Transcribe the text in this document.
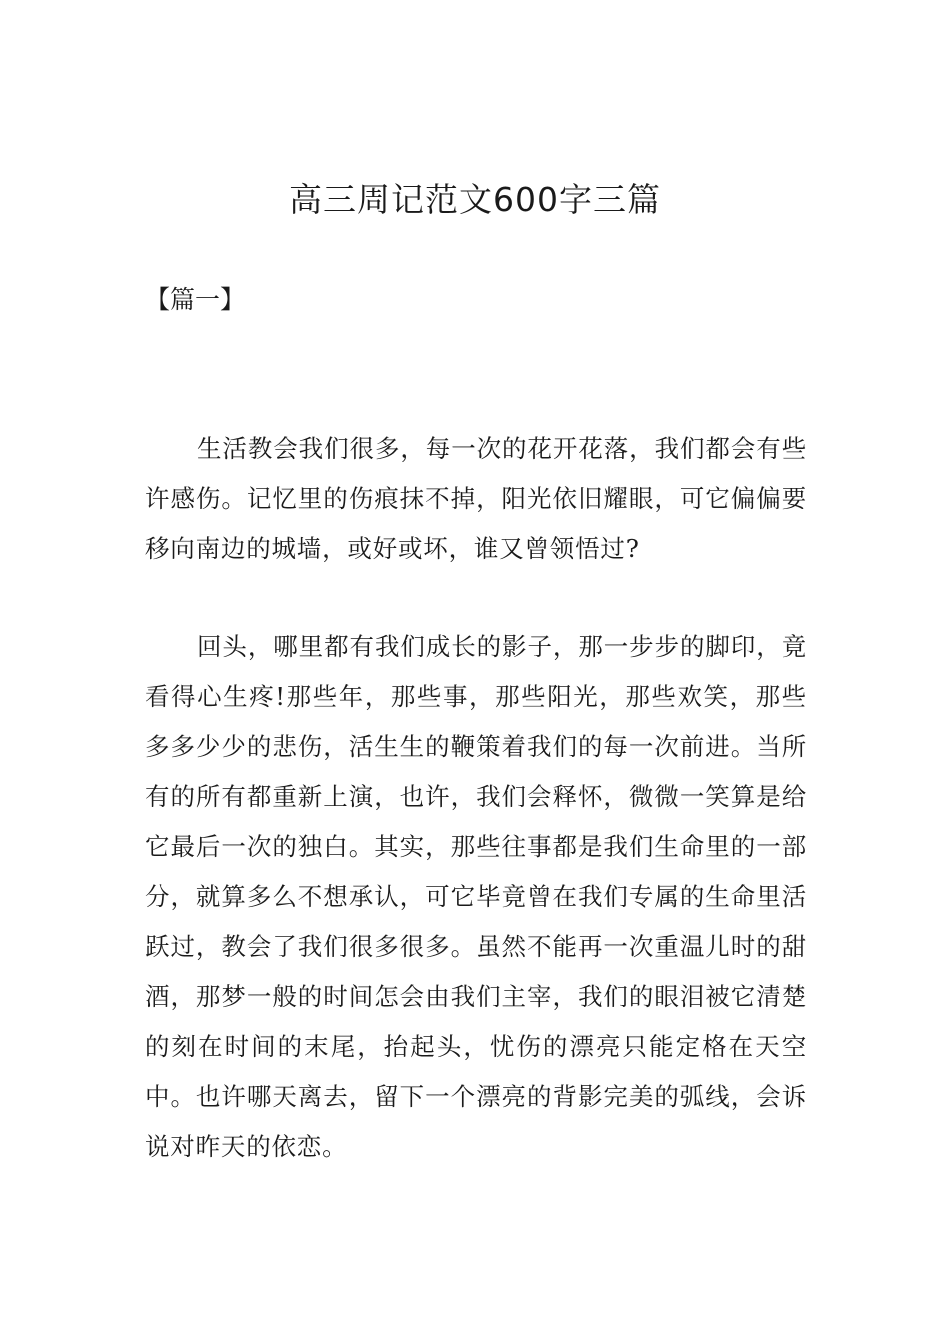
高三周记范文600字三篇

【篇一】

生活教会我们很多，每一次的花开花落，我们都会有些许感伤。记忆里的伤痕抹不掉，阳光依旧耀眼，可它偏偏要移向南边的城墙，或好或坏，谁又曾领悟过?

回头，哪里都有我们成长的影子，那一步步的脚印，竟看得心生疼!那些年，那些事，那些阳光，那些欢笑，那些多多少少的悲伤，活生生的鞭策着我们的每一次前进。当所有的所有都重新上演，也许，我们会释怀，微微一笑算是给它最后一次的独白。其实，那些往事都是我们生命里的一部分，就算多么不想承认，可它毕竟曾在我们专属的生命里活跃过，教会了我们很多很多。虽然不能再一次重温儿时的甜酒，那梦一般的时间怎会由我们主宰，我们的眼泪被它清楚的刻在时间的末尾，抬起头，忧伤的漂亮只能定格在天空中。也许哪天离去，留下一个漂亮的背影完美的弧线，会诉说对昨天的依恋。
